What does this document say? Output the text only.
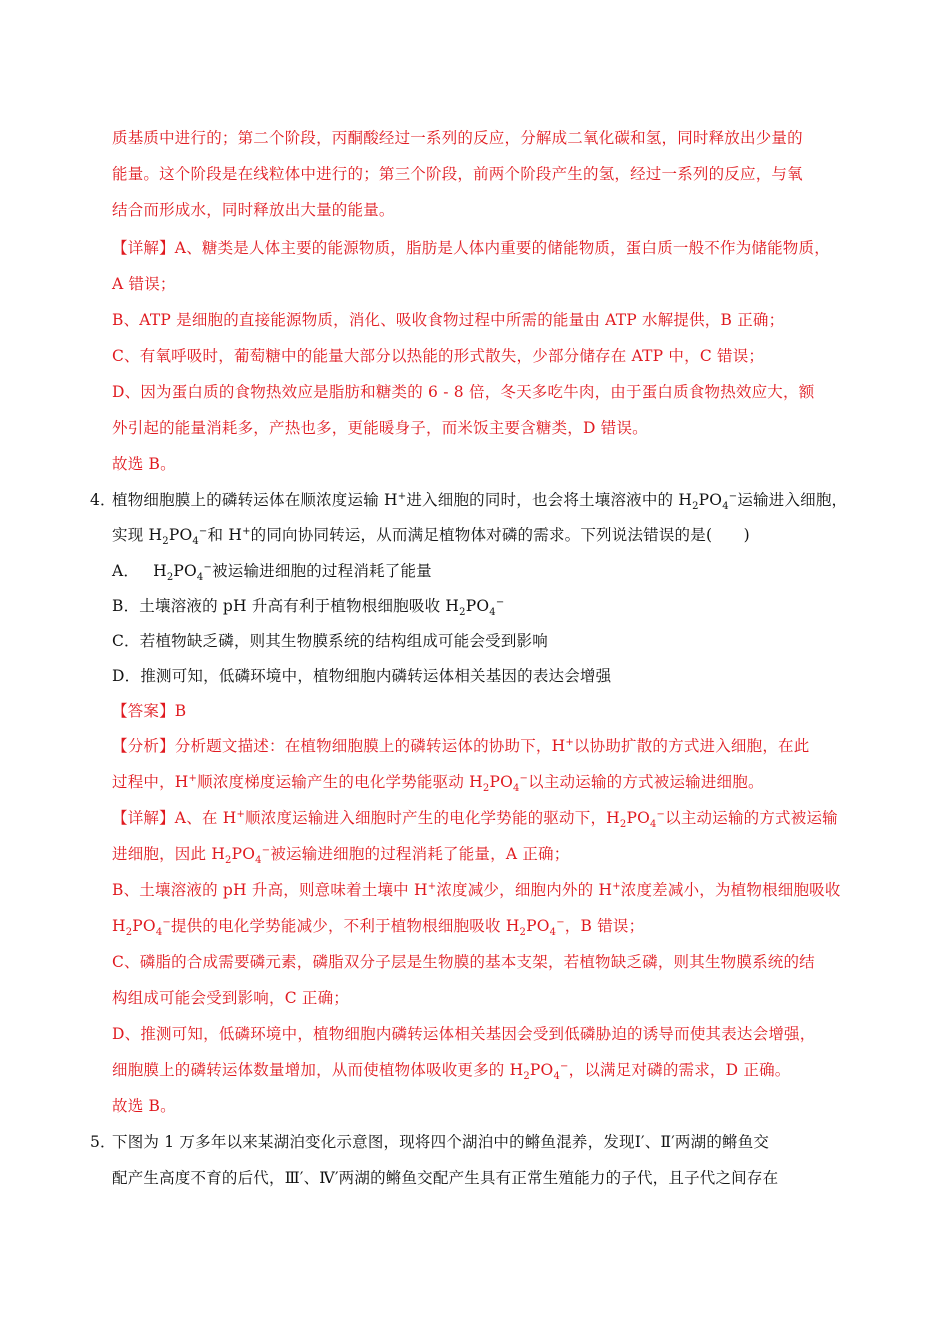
质基质中进行的；第二个阶段，丙酮酸经过一系列的反应，分解成二氧化碳和氢，同时释放出少量的
能量。这个阶段是在线粒体中进行的；第三个阶段，前两个阶段产生的氢，经过一系列的反应，与氧
结合而形成水，同时释放出大量的能量。
【详解】A、糖类是人体主要的能源物质，脂肪是人体内重要的储能物质，蛋白质一般不作为储能物质，
A 错误；
B、ATP 是细胞的直接能源物质，消化、吸收食物过程中所需的能量由 ATP 水解提供，B 正确；
C、有氧呼吸时，葡萄糖中的能量大部分以热能的形式散失，少部分储存在 ATP 中，C 错误；
D、因为蛋白质的食物热效应是脂肪和糖类的 6 - 8 倍，冬天多吃牛肉，由于蛋白质食物热效应大，额
外引起的能量消耗多，产热也多，更能暖身子，而米饭主要含糖类，D 错误。
故选 B。
4．
植物细胞膜上的磷转运体在顺浓度运输 H+进入细胞的同时，也会将土壤溶液中的 $H_2PO_4^-$运输进入细胞，
实现 $H_2PO_4^-$和 H+的同向协同转运，从而满足植物体对磷的需求。下列说法错误的是(　　)
A． $H_2PO_4^-$被运输进细胞的过程消耗了能量
B．土壤溶液的 pH 升高有利于植物根细胞吸收 $H_2PO_4^-$
C．若植物缺乏磷，则其生物膜系统的结构组成可能会受到影响
D．推测可知，低磷环境中，植物细胞内磷转运体相关基因的表达会增强
【答案】B
【分析】分析题文描述：在植物细胞膜上的磷转运体的协助下，H+以协助扩散的方式进入细胞，在此
过程中，H+顺浓度梯度运输产生的电化学势能驱动 $H_2PO_4^-$以主动运输的方式被运输进细胞。
【详解】A、在 H+顺浓度运输进入细胞时产生的电化学势能的驱动下，$H_2PO_4^-$以主动运输的方式被运输
进细胞，因此 $H_2PO_4^-$被运输进细胞的过程消耗了能量，A 正确；
B、土壤溶液的 pH 升高，则意味着土壤中 H+浓度减少，细胞内外的 H+浓度差减小，为植物根细胞吸收
$H_2PO_4^-$提供的电化学势能减少，不利于植物根细胞吸收 $H_2PO_4^-$，B 错误；
C、磷脂的合成需要磷元素，磷脂双分子层是生物膜的基本支架，若植物缺乏磷，则其生物膜系统的结
构组成可能会受到影响，C 正确；
D、推测可知，低磷环境中，植物细胞内磷转运体相关基因会受到低磷胁迫的诱导而使其表达会增强，
细胞膜上的磷转运体数量增加，从而使植物体吸收更多的 $H_2PO_4^-$，以满足对磷的需求，D 正确。
故选 B。
5．
下图为 1 万多年以来某湖泊变化示意图，现将四个湖泊中的鳉鱼混养，发现Ⅰ′、Ⅱ′两湖的鳉鱼交
配产生高度不育的后代，Ⅲ′、Ⅳ′两湖的鳉鱼交配产生具有正常生殖能力的子代，且子代之间存在
